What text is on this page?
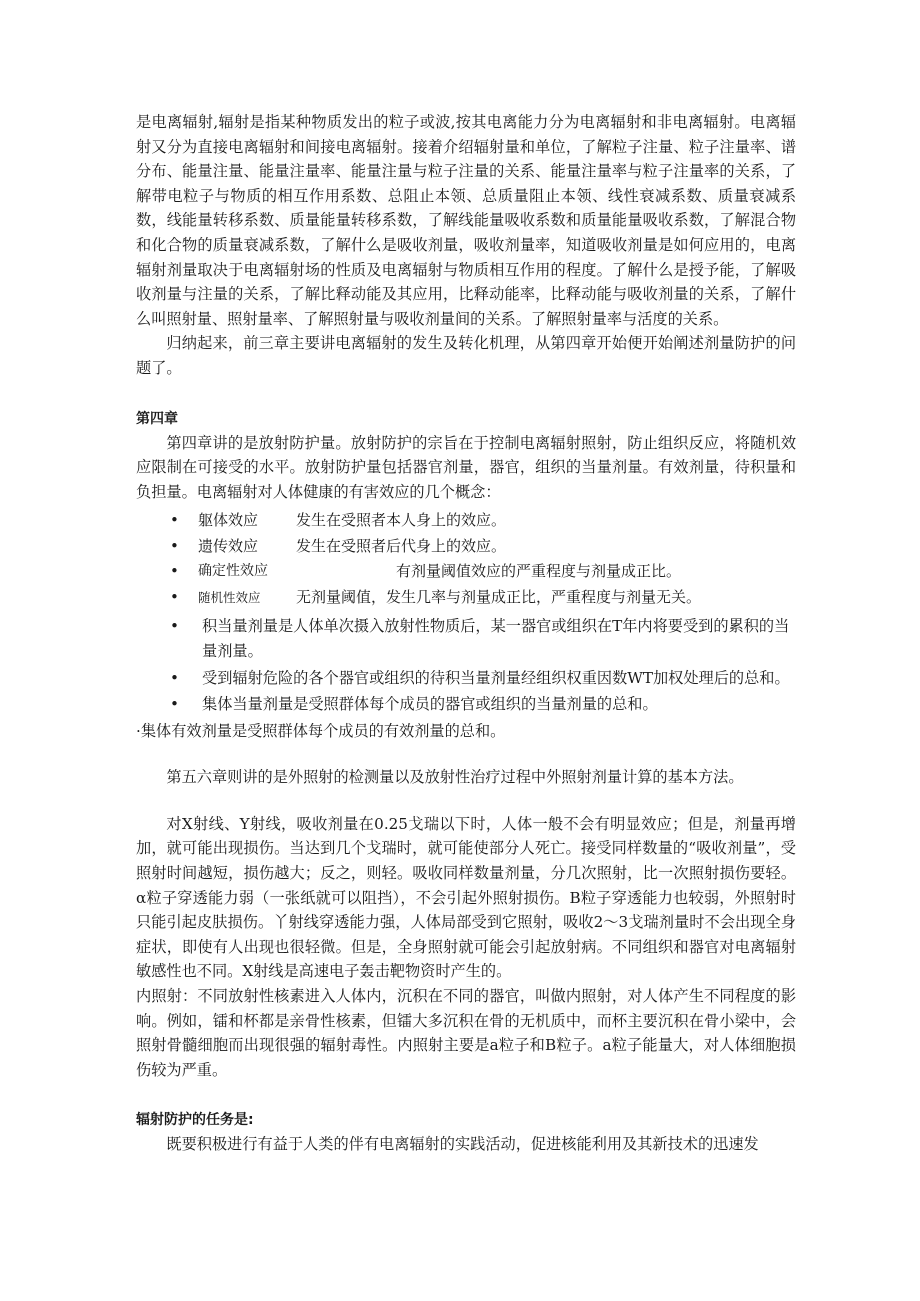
是电离辐射,辐射是指某种物质发出的粒子或波,按其电离能力分为电离辐射和非电离辐射。电离辐射又分为直接电离辐射和间接电离辐射。接着介绍辐射量和单位，了解粒子注量、粒子注量率、谱分布、能量注量、能量注量率、能量注量与粒子注量的关系、能量注量率与粒子注量率的关系，了解带电粒子与物质的相互作用系数、总阻止本领、总质量阻止本领、线性衰减系数、质量衰减系数，线能量转移系数、质量能量转移系数，了解线能量吸收系数和质量能量吸收系数，了解混合物和化合物的质量衰减系数，了解什么是吸收剂量，吸收剂量率，知道吸收剂量是如何应用的，电离辐射剂量取决于电离辐射场的性质及电离辐射与物质相互作用的程度。了解什么是授予能，了解吸收剂量与注量的关系，了解比释动能及其应用，比释动能率，比释动能与吸收剂量的关系，了解什么叫照射量、照射量率、了解照射量与吸收剂量间的关系。了解照射量率与活度的关系。

归纳起来，前三章主要讲电离辐射的发生及转化机理，从第四章开始便开始阐述剂量防护的问题了。

第四章

第四章讲的是放射防护量。放射防护的宗旨在于控制电离辐射照射，防止组织反应，将随机效应限制在可接受的水平。放射防护量包括器官剂量，器官，组织的当量剂量。有效剂量，待积量和负担量。电离辐射对人体健康的有害效应的几个概念：

• 躯体效应	发生在受照者本人身上的效应。
• 遗传效应	发生在受照者后代身上的效应。
• 确定性效应	有剂量阈值效应的严重程度与剂量成正比。
• 随机性效应 无剂量阈值，发生几率与剂量成正比，严重程度与剂量无关。
• 积当量剂量是人体单次摄入放射性物质后，某一器官或组织在T年内将要受到的累积的当量剂量。
• 受到辐射危险的各个器官或组织的待积当量剂量经组织权重因数WT加权处理后的总和。
• 集体当量剂量是受照群体每个成员的器官或组织的当量剂量的总和。

·集体有效剂量是受照群体每个成员的有效剂量的总和。

第五六章则讲的是外照射的检测量以及放射性治疗过程中外照射剂量计算的基本方法。

对X射线、Y射线，吸收剂量在0.25戈瑞以下时，人体一般不会有明显效应；但是，剂量再增加，就可能出现损伤。当达到几个戈瑞时，就可能使部分人死亡。接受同样数量的“吸收剂量”，受照射时间越短，损伤越大；反之，则轻。吸收同样数量剂量，分几次照射，比一次照射损伤要轻。α粒子穿透能力弱（一张纸就可以阻挡），不会引起外照射损伤。B粒子穿透能力也较弱，外照射时只能引起皮肤损伤。丫射线穿透能力强，人体局部受到它照射，吸收2〜3戈瑞剂量时不会出现全身症状，即使有人出现也很轻微。但是，全身照射就可能会引起放射病。不同组织和器官对电离辐射敏感性也不同。X射线是高速电子轰击靶物资时产生的。

内照射：不同放射性核素进入人体内，沉积在不同的器官，叫做内照射，对人体产生不同程度的影响。例如，镭和杯都是亲骨性核素，但镭大多沉积在骨的无机质中，而杯主要沉积在骨小梁中，会照射骨髓细胞而出现很强的辐射毒性。内照射主要是a粒子和B粒子。a粒子能量大，对人体细胞损伤较为严重。

辐射防护的任务是:

既要积极进行有益于人类的伴有电离辐射的实践活动，促进核能利用及其新技术的迅速发
